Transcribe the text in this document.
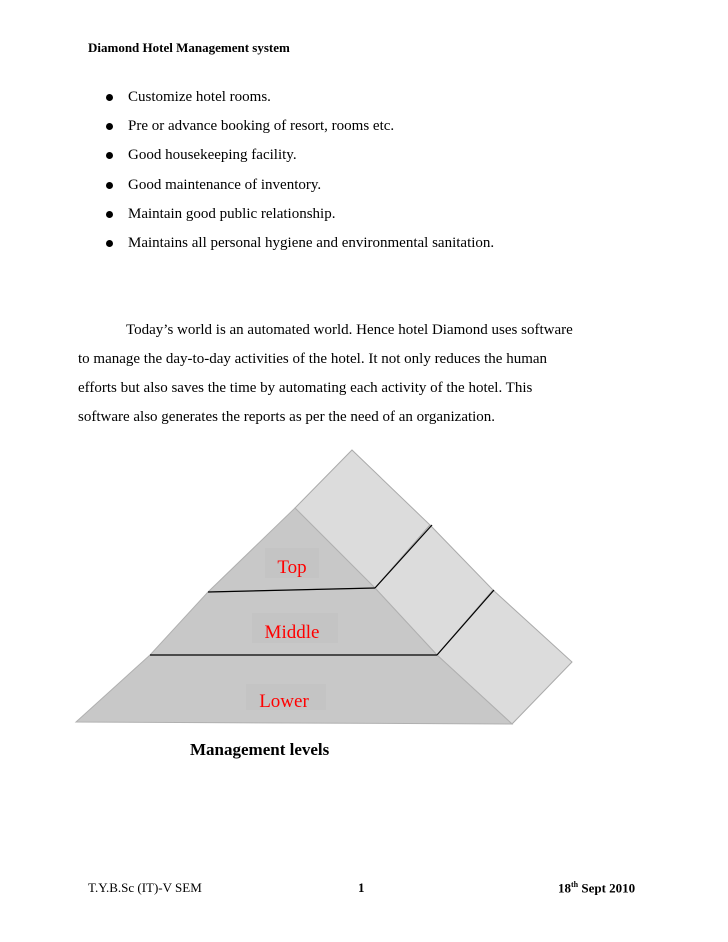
Diamond Hotel Management system
Customize hotel rooms.
Pre or advance booking of resort, rooms etc.
Good housekeeping facility.
Good maintenance of inventory.
Maintain good public relationship.
Maintains all personal hygiene and environmental sanitation.
Today’s world is an automated world. Hence hotel Diamond uses software
to manage the day-to-day activities of the hotel. It not only reduces the human
efforts but also saves the time by automating each activity of the hotel. This
software also generates the reports as per the need of an organization.
Top
Middle
Lower
Management levels
T.Y.B.Sc (IT)-V SEM	1	18th Sept 2010
